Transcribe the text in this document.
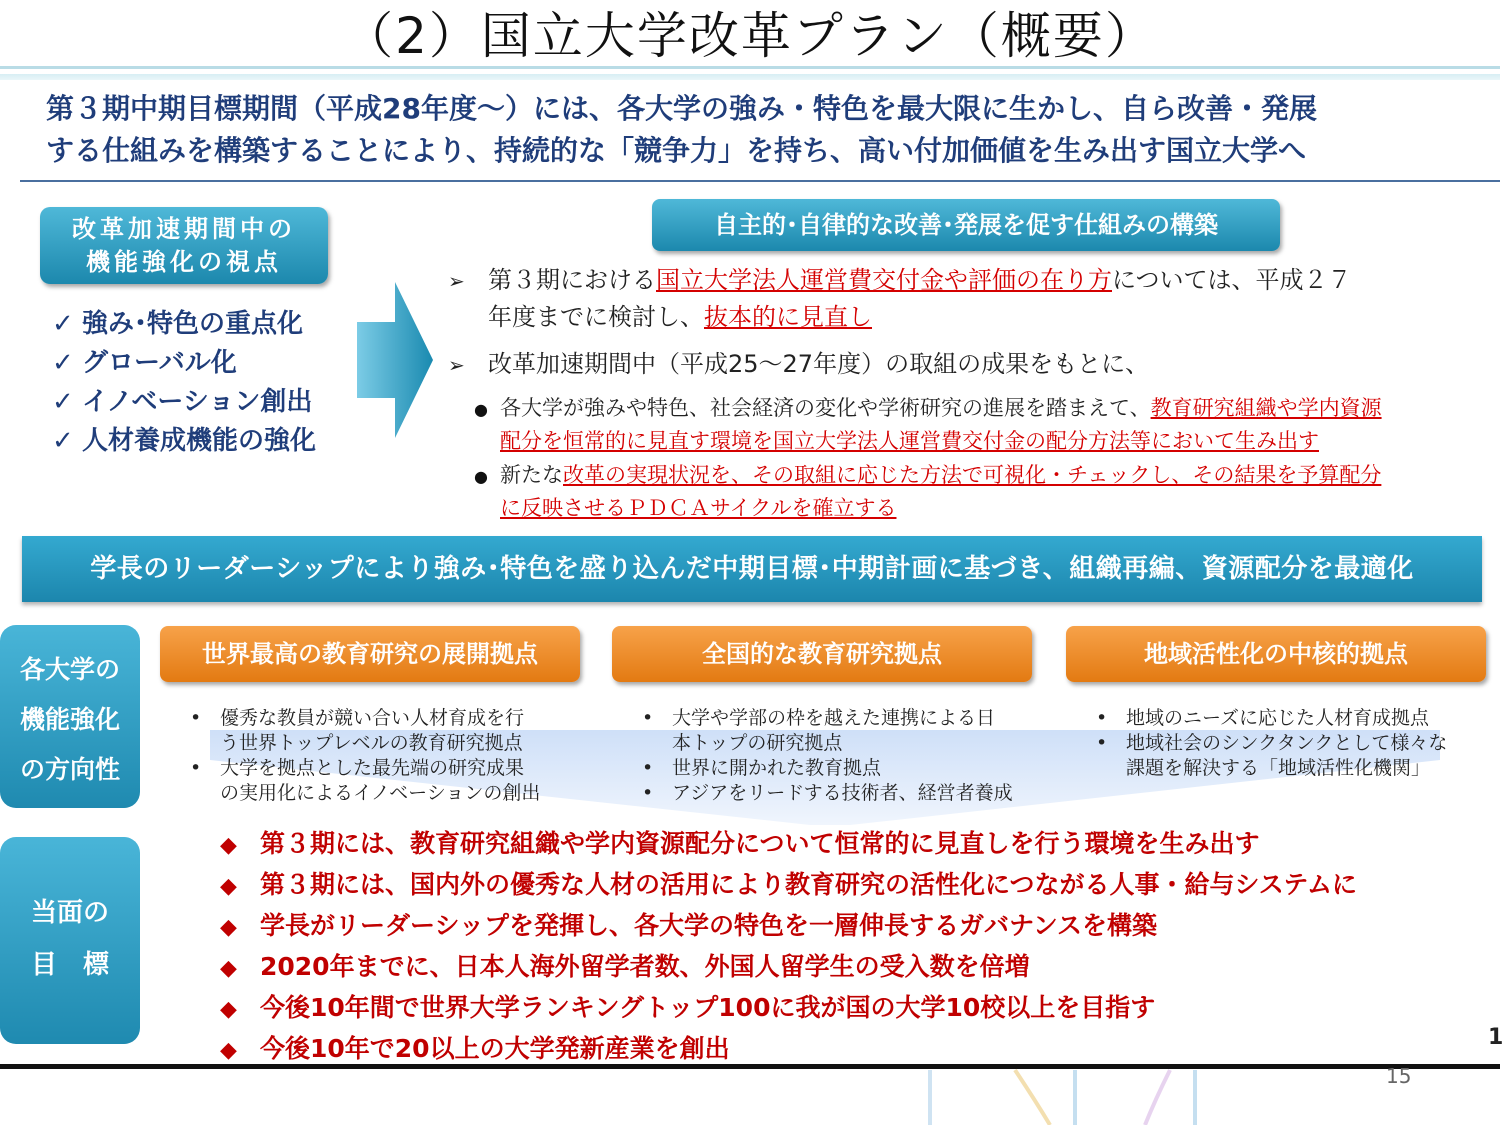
（2）国立大学改革プラン（概要）
第３期中期目標期間（平成28年度～）には、各大学の強み・特色を最大限に生かし、自ら改善・発展
する仕組みを構築することにより、持続的な「競争力」を持ち、高い付加価値を生み出す国立大学へ
改革加速期間中の
機能強化の視点
✓ 強み･特色の重点化
✓ グローバル化
✓ イノベーション創出
✓ 人材養成機能の強化
自主的･自律的な改善･発展を促す仕組みの構築
➢ 第３期における国立大学法人運営費交付金や評価の在り方については、平成２７
年度までに検討し、抜本的に見直し
➢ 改革加速期間中（平成25～27年度）の取組の成果をもとに、
● 各大学が強みや特色、社会経済の変化や学術研究の進展を踏まえて、教育研究組織や学内資源
配分を恒常的に見直す環境を国立大学法人運営費交付金の配分方法等において生み出す
● 新たな改革の実現状況を、その取組に応じた方法で可視化・チェックし、その結果を予算配分
に反映させるＰＤＣＡサイクルを確立する
学長のリーダーシップにより強み･特色を盛り込んだ中期目標･中期計画に基づき、組織再編、資源配分を最適化
各大学の
機能強化
の方向性
世界最高の教育研究の展開拠点	全国的な教育研究拠点	地域活性化の中核的拠点
• 優秀な教員が競い合い人材育成を行
う世界トップレベルの教育研究拠点
• 大学を拠点とした最先端の研究成果
の実用化によるイノベーションの創出
• 大学や学部の枠を越えた連携による日
本トップの研究拠点
• 世界に開かれた教育拠点
• アジアをリードする技術者、経営者養成
• 地域のニーズに応じた人材育成拠点
• 地域社会のシンクタンクとして様々な
課題を解決する「地域活性化機関」
当面の
目　標
◆ 第３期には、教育研究組織や学内資源配分について恒常的に見直しを行う環境を生み出す
◆ 第３期には、国内外の優秀な人材の活用により教育研究の活性化につながる人事・給与システムに
◆ 学長がリーダーシップを発揮し、各大学の特色を一層伸長するガバナンスを構築
◆ 2020年までに、日本人海外留学者数、外国人留学生の受入数を倍増
◆ 今後10年間で世界大学ランキングトップ100に我が国の大学10校以上を目指す
◆ 今後10年で20以上の大学発新産業を創出	1
15
